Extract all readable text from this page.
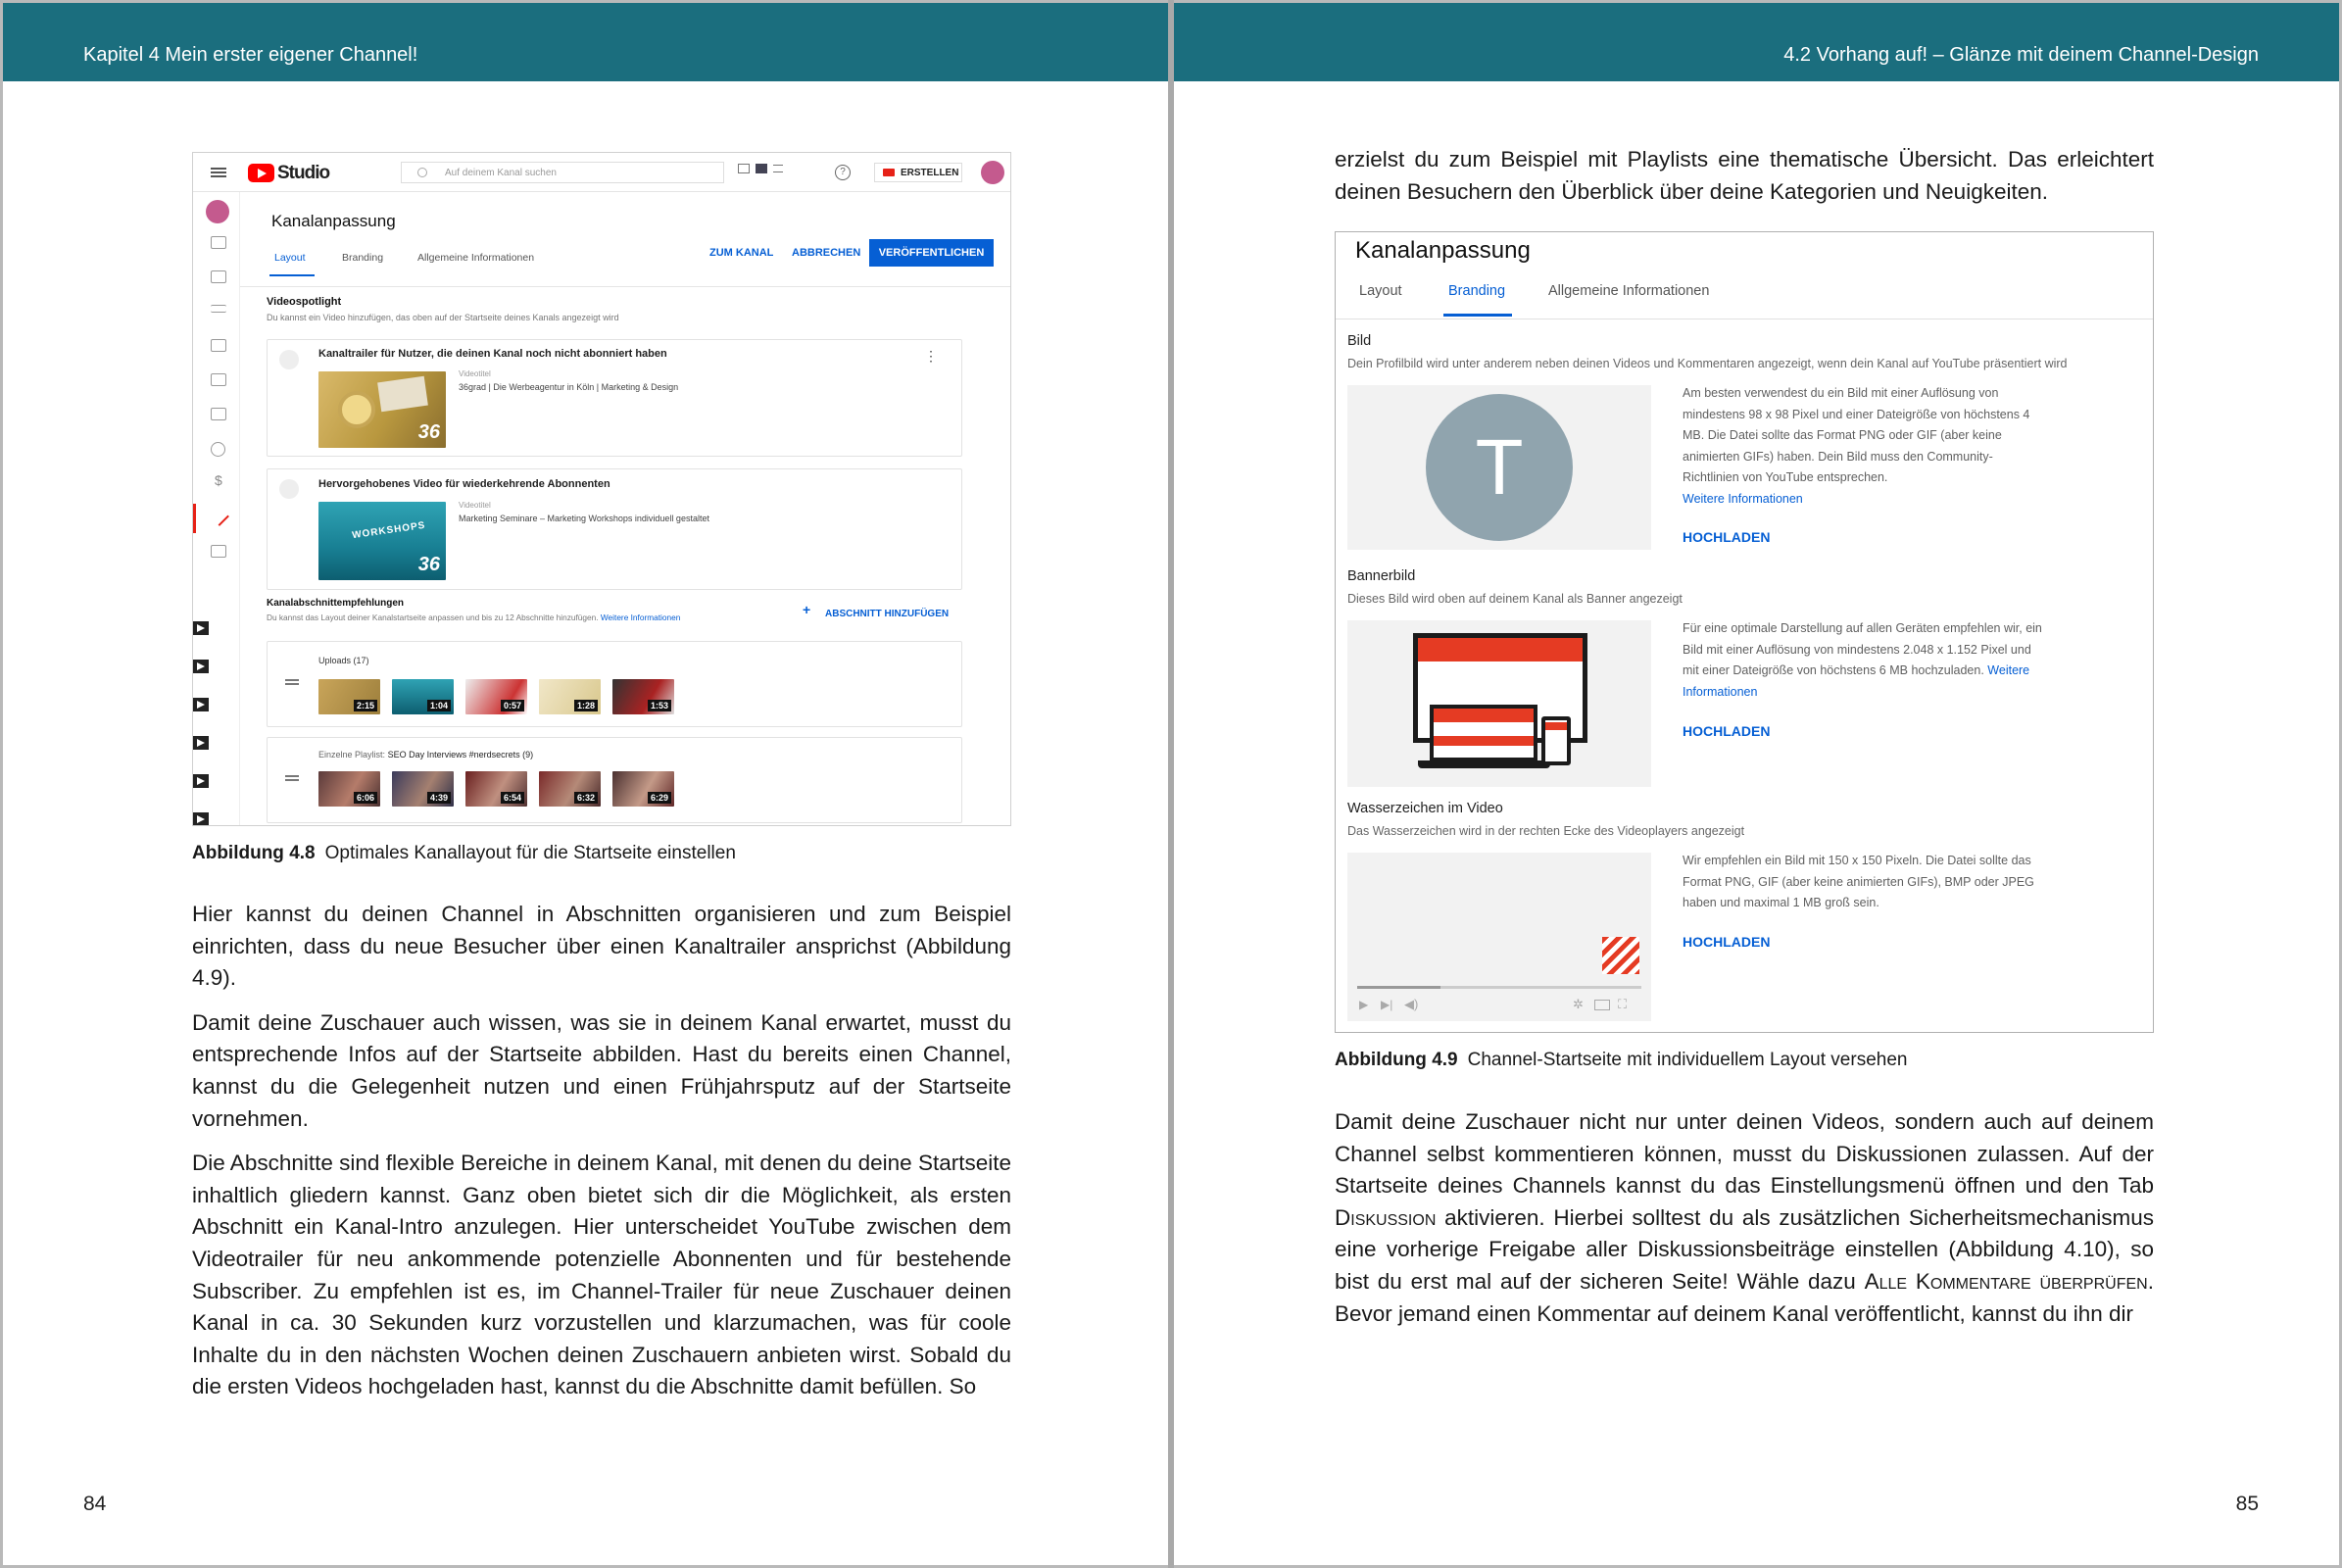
Kapitel 4 Mein erster eigener Channel!
Studio	Auf deinem Kanal suchen	?	ERSTELLEN
$
Kanalanpassung
Layout	Branding	Allgemeine Informationen	ZUM KANAL ABBRECHEN	VERÖFFENTLICHEN
Videospotlight
Du kannst ein Video hinzufügen, das oben auf der Startseite deines Kanals angezeigt wird
Kanaltrailer für Nutzer, die deinen Kanal noch nicht abonniert haben	⋮
36
Videotitel
36grad | Die Werbeagentur in Köln | Marketing & Design
Hervorgehobenes Video für wiederkehrende Abonnenten
WORKSHOPS
36
Videotitel
Marketing Seminare – Marketing Workshops individuell gestaltet
Kanalabschnittempfehlungen
Du kannst das Layout deiner Kanalstartseite anpassen und bis zu 12 Abschnitte hinzufügen. Weitere Informationen	+ ABSCHNITT HINZUFÜGEN
Uploads (17)
2:15	1:04	0:57	1:28	1:53
Einzelne Playlist: SEO Day Interviews #nerdsecrets (9)
6:06	4:39	6:54	6:32	6:29
Abbildung 4.8 Optimales Kanallayout für die Startseite einstellen

Hier kannst du deinen Channel in Abschnitten organisieren und zum Beispiel einrichten, dass du neue Besucher über einen Kanaltrailer ansprichst (Abbildung 4.9).

Damit deine Zuschauer auch wissen, was sie in deinem Kanal erwartet, musst du entsprechende Infos auf der Startseite abbilden. Hast du bereits einen Channel, kannst du die Gelegenheit nutzen und einen Frühjahrsputz auf der Startseite vornehmen.

Die Abschnitte sind flexible Bereiche in deinem Kanal, mit denen du deine Startseite inhaltlich gliedern kannst. Ganz oben bietet sich dir die Möglichkeit, als ersten Abschnitt ein Kanal-Intro anzulegen. Hier unterscheidet YouTube zwischen dem Videotrailer für neu ankommende potenzielle Abonnenten und für bestehende Subscriber. Zu empfehlen ist es, im Channel-Trailer für neue Zuschauer deinen Kanal in ca. 30 Sekunden kurz vorzustellen und klarzumachen, was für coole Inhalte du in den nächsten Wochen deinen Zuschauern anbieten wirst. Sobald du die ersten Videos hochgeladen hast, kannst du die Abschnitte damit befüllen. So

84
4.2 Vorhang auf! – Glänze mit deinem Channel-Design

erzielst du zum Beispiel mit Playlists eine thematische Übersicht. Das erleichtert deinen Besuchern den Überblick über deine Kategorien und Neuigkeiten.

Kanalanpassung
Layout	Branding	Allgemeine Informationen
Bild
Dein Profilbild wird unter anderem neben deinen Videos und Kommentaren angezeigt, wenn dein Kanal auf YouTube präsentiert wird
T
Am besten verwendest du ein Bild mit einer Auflösung von mindestens 98 x 98 Pixel und einer Dateigröße von höchstens 4 MB. Die Datei sollte das Format PNG oder GIF (aber keine animierten GIFs) haben. Dein Bild muss den Community-Richtlinien von YouTube entsprechen.
Weitere Informationen
HOCHLADEN
Bannerbild
Dieses Bild wird oben auf deinem Kanal als Banner angezeigt
Für eine optimale Darstellung auf allen Geräten empfehlen wir, ein Bild mit einer Auflösung von mindestens 2.048 x 1.152 Pixel und mit einer Dateigröße von höchstens 6 MB hochzuladen. Weitere Informationen
HOCHLADEN
Wasserzeichen im Video
Das Wasserzeichen wird in der rechten Ecke des Videoplayers angezeigt
▶ ▶| ◀)	✲	⛶
Wir empfehlen ein Bild mit 150 x 150 Pixeln. Die Datei sollte das Format PNG, GIF (aber keine animierten GIFs), BMP oder JPEG haben und maximal 1 MB groß sein.
HOCHLADEN
Abbildung 4.9 Channel-Startseite mit individuellem Layout versehen

Damit deine Zuschauer nicht nur unter deinen Videos, sondern auch auf deinem Channel selbst kommentieren können, musst du Diskussionen zulassen. Auf der Startseite deines Channels kannst du das Einstellungsmenü öffnen und den Tab Diskussion aktivieren. Hierbei solltest du als zusätzlichen Sicherheitsmechanismus eine vorherige Freigabe aller Diskussionsbeiträge einstellen (Abbildung 4.10), so bist du erst mal auf der sicheren Seite! Wähle dazu Alle Kommentare überprüfen. Bevor jemand einen Kommentar auf deinem Kanal veröffentlicht, kannst du ihn dir

85
